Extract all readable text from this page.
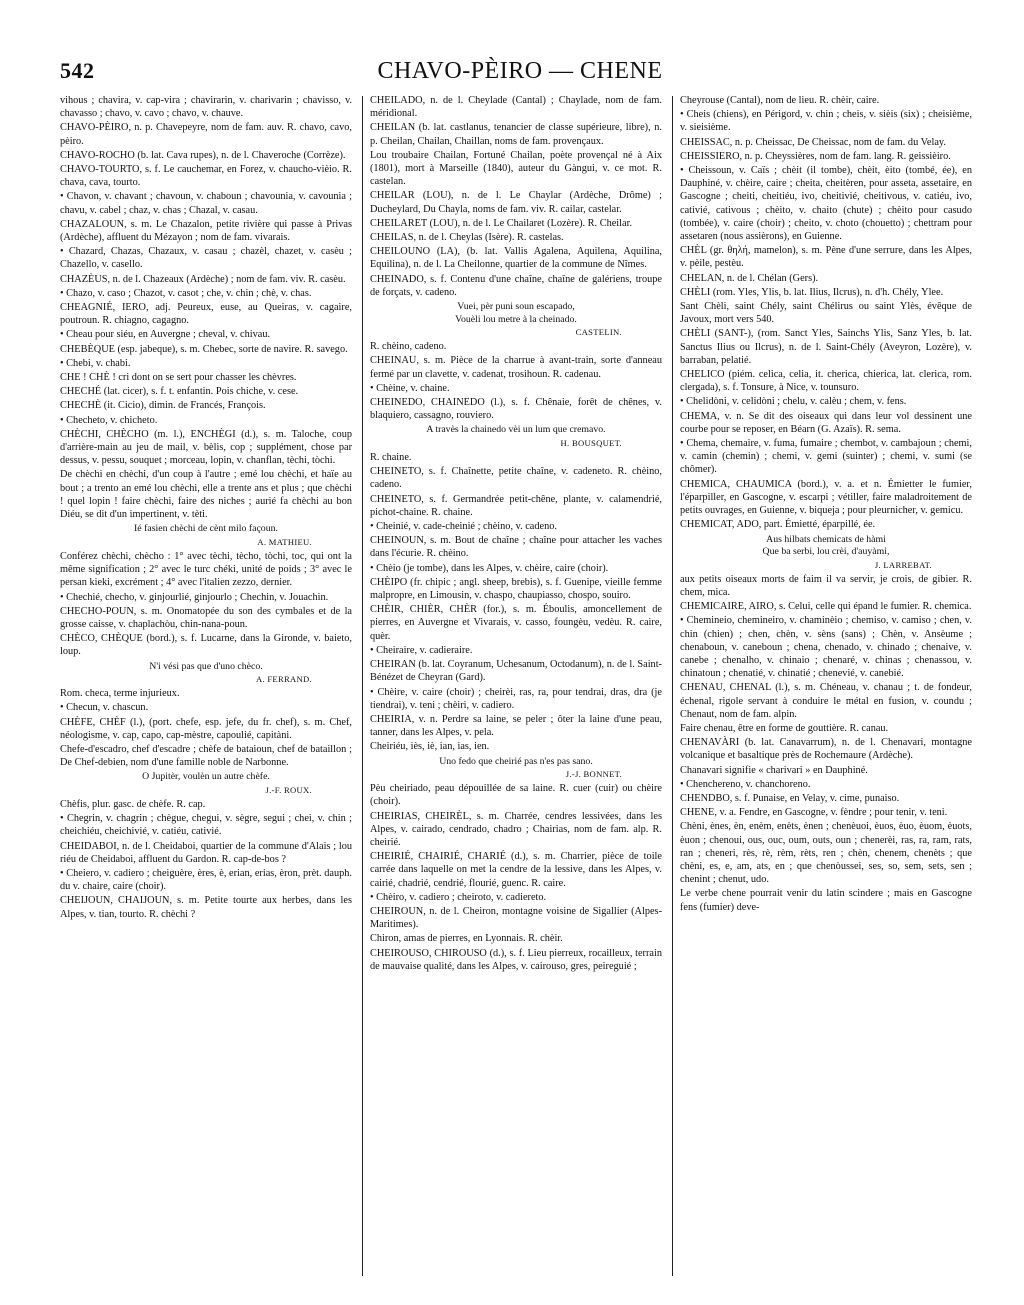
542	CHAVO-PÈIRO — CHENE
vihous ; chavira, v. cap-vira ; chavirarin, v. charivarin ; chavisso, v. chavasso ; chavo, v. cavo ; chavo, v. chauve.
CHAVO-PÈIRO, n. p. Chavepeyre, nom de fam. auv. R. chavo, cavo, pèiro.
CHAVO-ROCHO (b. lat. Cava rupes), n. de l. Chaveroche (Corrèze).
CHAVO-TOURTO, s. f. Le cauchemar, en Forez, v. chaucho-vièio. R. chava, cava, tourto.
• Chavon, v. chavant ; chavoun, v. chaboun ; chavounia, v. cavounia ; chavu, v. cabel ; chaz, v. chas ; Chazal, v. casau.
CHAZALOUN, s. m. Le Chazalon, petite rivière qui passe à Privas (Ardèche), affluent du Mézayon ; nom de fam. vivarais.
• Chazard, Chazas, Chazaux, v. casau ; chazèl, chazet, v. casèu ; Chazello, v. casello.
CHAZÈUS, n. de l. Chazeaux (Ardèche) ; nom de fam. viv. R. casèu.
• Chazo, v. caso ; Chazot, v. casot ; che, v. chin ; chè, v. chas.
CHEAGNIÉ, IERO, adj. Peureux, euse, au Queiras, v. cagaire, poutroun. R. chiagno, cagagno.
• Cheau pour siéu, en Auvergne ; cheval, v. chivau.
CHEBÈQUE (esp. jabeque), s. m. Chebec, sorte de navire. R. savego.
• Chebi, v. chabi.
CHE ! CHÈ ! cri dont on se sert pour chasser les chèvres.
CHECHÉ (lat. cicer), s. f. t. enfantin. Pois chiche, v. cese.
CHECHÈ (it. Cicio), dimin. de Francés, François.
• Checheto, v. chicheto.
CHÈCHI, CHÈCHO (m. l.), ENCHÈGI (d.), s. m. Taloche, coup d'arrière-main au jeu de mail, v. bèlis, cop ; supplément, chose par dessus, v. pessu, souquet ; morceau, lopin, v. chanflan, tèchi, tòchi.
De chèchi en chèchi, d'un coup à l'autre ; emé lou chèchi, et haïe au bout ; a trento an emé lou chèchi, elle a trente ans et plus ; que chèchi ! quel lopin ! faire chèchi, faire des niches ; aurié fa chèchi au bon Diéu, se dit d'un impertinent, v. tèti.
Ié fasien chèchi de cènt milo façoun.
A. MATHIEU.
Conférez chèchi, chècho : 1° avec tèchi, tècho, tòchi, toc, qui ont la même signification ; 2° avec le turc chéki, unité de poids ; 3° avec le persan kieki, excrément ; 4° avec l'italien zezzo, dernier.
• Chechié, checho, v. ginjourlié, ginjourlo ; Chechin, v. Jouachin.
CHECHO-POUN, s. m. Onomatopée du son des cymbales et de la grosse caisse, v. chaplachòu, chin-nana-poun.
CHÈCO, CHÈQUE (bord.), s. f. Lucarne, dans la Gironde, v. baieto, loup.
N'i vési pas que d'uno chèco.
A. FERRAND.
Rom. checa, terme injurieux.
• Checun, v. chascun.
CHÈFE, CHÈF (l.), (port. chefe, esp. jefe, du fr. chef), s. m. Chef, néologisme, v. cap, capo, cap-mèstre, capoulié, capitàni.
Chefe-d'escadro, chef d'escadre ; chèfe de bataioun, chef de bataillon ; De Chef-debien, nom d'une famille noble de Narbonne.
O Jupitèr, voulèn un autre chèfe.
J.-F. ROUX.
Chèfis, plur. gasc. de chèfe. R. cap.
• Chegrin, v. chagrin ; chègue, chegui, v. sègre, segui ; chei, v. chin ; cheichiéu, cheichivié, v. catiéu, cativié.
CHEIDABOI, n. de l. Cheidaboi, quartier de la commune d'Alais ; lou riéu de Cheidaboi, affluent du Gardon. R. cap-de-bos ?
• Cheiero, v. cadiero ; cheiguère, ères, è, erian, erias, èron, prèt. dauph. du v. chaire, caire (choir).
CHEIJOUN, CHAIJOUN, s. m. Petite tourte aux herbes, dans les Alpes, v. tian, tourto. R. chèchi ?
CHEILADO, n. de l. Cheylade (Cantal) ; Chaylade, nom de fam. méridional.
CHEILAN (b. lat. castlanus, tenancier de classe supérieure, libre), n. p. Cheilan, Chailan, Chaillan, noms de fam. provençaux.
Lou troubaire Chailan, Fortuné Chailan, poète provençal né à Aix (1801), mort à Marseille (1840), auteur du Gàngui, v. ce mot. R. castelan.
CHEILAR (LOU), n. de l. Le Chaylar (Ardèche, Drôme) ; Ducheylard, Du Chayla, noms de fam. viv. R. cailar, castelar.
CHEILARET (LOU), n. de l. Le Chailaret (Lozère). R. Cheilar.
CHEILAS, n. de l. Cheylas (Isère). R. castelas.
CHEILOUNO (LA), (b. lat. Vallis Agalena, Aquilena, Aquilina, Equilina), n. de l. La Cheilonne, quartier de la commune de Nîmes.
CHEINADO, s. f. Contenu d'une chaîne, chaîne de galériens, troupe de forçats, v. cadeno.
Vuei, pèr puni soun escapado,
Vouèli lou metre à la cheinado.
CASTELIN.
R. chèino, cadeno.
CHEINAU, s. m. Pièce de la charrue à avant-train, sorte d'anneau fermé par un clavette, v. cadenat, trosihoun. R. cadenau.
• Chèine, v. chaine.
CHEINEDO, CHAINEDO (l.), s. f. Chênaie, forêt de chênes, v. blaquiero, cassagno, rouviero.
A travès la chainedo vèi un lum que cremavo.
H. BOUSQUET.
R. chaine.
CHEINETO, s. f. Chaînette, petite chaîne, v. cadeneto. R. chèino, cadeno.
CHEINETO, s. f. Germandrée petit-chêne, plante, v. calamendrié, pichot-chaine. R. chaine.
• Cheinié, v. cade-cheinié ; chèino, v. cadeno.
CHEINOUN, s. m. Bout de chaîne ; chaîne pour attacher les vaches dans l'écurie. R. chèino.
• Chèio (je tombe), dans les Alpes, v. chèire, caire (choir).
CHÈIPO (fr. chipic ; angl. sheep, brebis), s. f. Guenipe, vieille femme malpropre, en Limousin, v. chaspo, chaupiasso, chospo, souiro.
CHÈIR, CHIÈR, CHÈR (for.), s. m. Éboulis, amoncellement de pierres, en Auvergne et Vivarais, v. casso, foungèu, vedèu. R. caire, quèr.
• Cheiraire, v. cadieraire.
CHEIRAN (b. lat. Coyranum, Uchesanum, Octodanum), n. de l. Saint-Bénézet de Cheyran (Gard).
• Chèire, v. caire (choir) ; cheirèi, ras, ra, pour tendrai, dras, dra (je tiendrai), v. teni ; chèiri, v. cadiero.
CHEIRIA, v. n. Perdre sa laine, se peler ; ôter la laine d'une peau, tanner, dans les Alpes, v. pela.
Cheiriéu, iès, iè, ian, ias, ien.
Uno fedo que cheirié pas n'es pas sano.
J.-J. BONNET.
Pèu cheiriado, peau dépouillée de sa laine. R. cuer (cuir) ou chèire (choir).
CHEIRIAS, CHEIRÈL, s. m. Charrée, cendres lessivées, dans les Alpes, v. cairado, cendrado, chadro ; Chairias, nom de fam. alp. R. cheirié.
CHEIRIÉ, CHAIRIÉ, CHARIÉ (d.), s. m. Charrier, pièce de toile carrée dans laquelle on met la cendre de la lessive, dans les Alpes, v. cairié, chadrié, cendrié, flourié, guenc. R. caire.
• Chèiro, v. cadiero ; cheiroto, v. cadiereto.
CHEIROUN, n. de l. Cheiron, montagne voisine de Sigallier (Alpes-Maritimes).
Chiron, amas de pierres, en Lyonnais. R. chèir.
CHEIROUSO, CHIROUSO (d.), s. f. Lieu pierreux, rocailleux, terrain de mauvaise qualité, dans les Alpes, v. cairouso, gres, peireguié ;
Cheyrouse (Cantal), nom de lieu. R. chèir, caire.
• Cheis (chiens), en Périgord, v. chin ; cheis, v. sièis (six) ; cheisième, v. sieisième.
CHEISSAC, n. p. Cheissac, De Cheissac, nom de fam. du Velay.
CHEISSIERO, n. p. Cheyssières, nom de fam. lang. R. geissièiro.
• Cheissoun, v. Caïs ; chèit (il tombe), chèit, èito (tombé, ée), en Dauphiné, v. chèire, caire ; cheita, cheitèren, pour asseta, assetaire, en Gascogne ; cheiti, cheitiéu, ivo, cheitivié, cheitivous, v. catiéu, ivo, cativié, cativous ; chèito, v. chaito (chute) ; chèito pour casudo (tombée), v. caire (choir) ; cheito, v. choto (chouetto) ; chettram pour assetaren (nous assièrons), en Guienne.
CHÈL (gr. θηλή, mamelon), s. m. Pène d'une serrure, dans les Alpes, v. pèile, pestèu.
CHELAN, n. de l. Chélan (Gers).
CHÈLI (rom. Yles, Ylis, b. lat. Ilius, Ilcrus), n. d'h. Chély, Ylee.
Sant Chèli, saint Chély, saint Chélirus ou saint Ylès, évêque de Javoux, mort vers 540.
CHÈLI (SANT-), (rom. Sanct Yles, Sainchs Ylis, Sanz Yles, b. lat. Sanctus Ilius ou Ilcrus), n. de l. Saint-Chély (Aveyron, Lozère), v. barraban, pelatié.
CHELICO (piém. celica, celia, it. cherica, chierica, lat. clerica, rom. clergada), s. f. Tonsure, à Nice, v. tounsuro.
• Chelidòni, v. celidòni ; chelu, v. calèu ; chem, v. fens.
CHEMA, v. n. Se dit des oiseaux qui dans leur vol dessinent une courbe pour se reposer, en Béarn (G. Azaïs). R. sema.
• Chema, chemaire, v. fuma, fumaire ; chembot, v. cambajoun ; chemi, v. camin (chemin) ; chemi, v. gemi (suinter) ; chemi, v. sumi (se chômer).
CHEMICA, CHAUMICA (bord.), v. a. et n. Émietter le fumier, l'éparpiller, en Gascogne, v. escarpi ; vétiller, faire maladroitement de petits ouvrages, en Guienne, v. biqueja ; pour pleurnicher, v. gemicu.
CHEMICAT, ADO, part. Émietté, éparpillé, ée.
Aus hilbats chemicats de hàmi
Que ba serbi, lou crèi, d'auyàmi,
J. LARREBAT.
aux petits oiseaux morts de faim il va servir, je crois, de gibier. R. chem, mica.
CHEMICAIRE, AIRO, s. Celui, celle qui épand le fumier. R. chemica.
• Chemineio, chemineiro, v. chaminèio ; chemiso, v. camiso ; chen, v. chin (chien) ; chen, chèn, v. sèns (sans) ; Chèn, v. Ansèume ; chenaboun, v. caneboun ; chena, chenado, v. chinado ; chenaive, v. canebe ; chenalho, v. chinaio ; chenaré, v. chinas ; chenassou, v. chinatoun ; chenatié, v. chinatié ; chenevié, v. canebié.
CHENAU, CHENAL (l.), s. m. Chéneau, v. chanau ; t. de fondeur, échenal, rigole servant à conduire le métal en fusion, v. coundu ; Chenaut, nom de fam. alpin.
Faire chenau, être en forme de gouttière. R. canau.
CHENAVÀRI (b. lat. Canavarrum), n. de l. Chenavari, montagne volcanique et basaltique près de Rochemaure (Ardèche).
Chanavari signifie « charivari » en Dauphiné.
• Chenchereno, v. chanchoreno.
CHENDBO, s. f. Punaise, en Velay, v. cime, punaiso.
CHENE, v. a. Fendre, en Gascogne, v. fèndre ; pour tenir, v. teni.
Chèni, ènes, èn, enèm, enèts, ènen ; chenèuoi, èuos, èuo, èuom, èuots, èuon ; chenoui, ous, ouc, oum, outs, oun ; chenerèi, ras, ra, ram, rats, ran ; cheneri, rès, rè, rèm, rèts, ren ; chèn, chenem, chenèts ; que chèni, es, e, am, ats, en ; que chenòussei, ses, so, sem, sets, sen ; chenint ; chenut, udo.
Le verbe chene pourrait venir du latin scindere ; mais en Gascogne fens (fumier) deve-
